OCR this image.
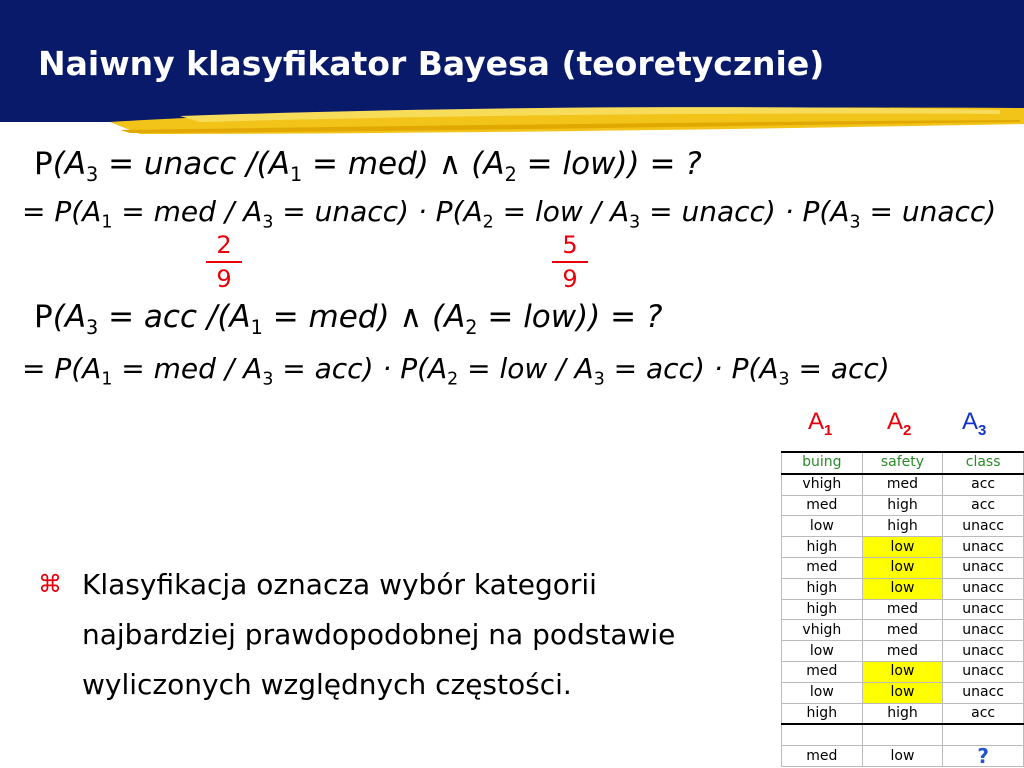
Naiwny klasyfikator Bayesa (teoretycznie)
$P(A_3$ = unacc $/(A_1 = med)$ ∧ $(A_2 = low)$) = ?
= $P(A_1$ = med / $A_3$ = unacc) · $P(A_2$ = low / $A_3$ = unacc) · $P(A_3$ = unacc)
2
9
5
9
$P(A_3$ = acc $/(A_1 = med)$ ∧ $(A_2 = low)$) = ?
= $P(A_1$ = med / $A_3 = acc) \cdot P(A_2$ = low / $A_3 = acc) \cdot P(A_3 = acc)$
$A_1$ $A_2$ $A_3$
buing	safety	class
vhigh	med	acc
med	high	acc
low	high	unacc
high	low	unacc
med	low	unacc
high	low	unacc
high	med	unacc
vhigh	med	unacc
low	med	unacc
med	low	unacc
low	low	unacc
high	high	acc

med	low	?
⌘ Klasyfikacja oznacza wybór kategorii
najbardziej prawdopodobnej na podstawie
wyliczonych względnych częstości.
